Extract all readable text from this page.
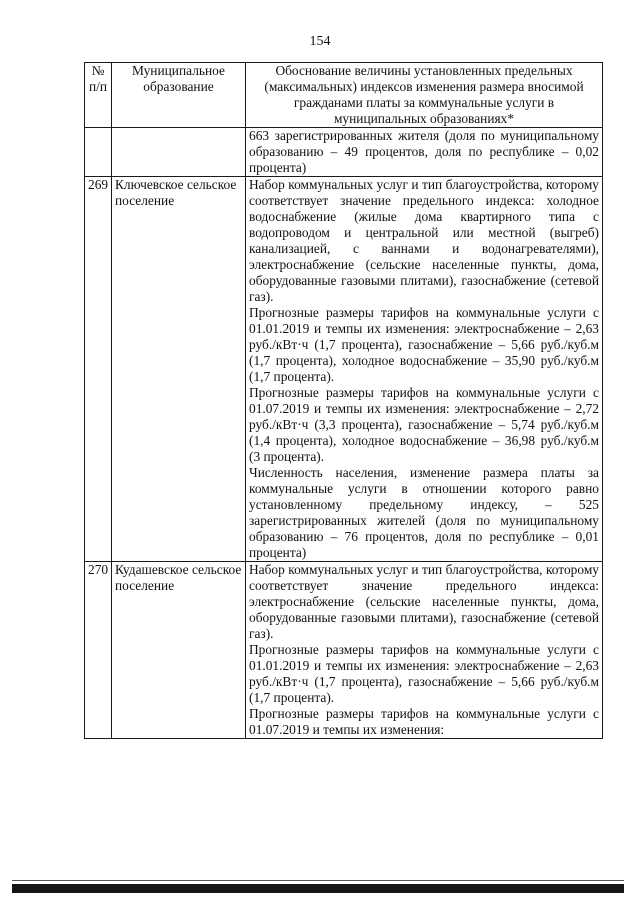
154
№ п/п	Муниципальное образование	Обоснование величины установленных предельных (максимальных) индексов изменения размера вносимой гражданами платы за коммунальные услуги в муниципальных образованиях*

		663 зарегистрированных жителя (доля по муниципальному образованию – 49 процентов, доля по республике – 0,02 процента)

269	Ключевское сельское поселение	Набор коммунальных услуг и тип благоустройства, которому соответствует значение предельного индекса: холодное водоснабжение (жилые дома квартирного типа с водопроводом и центральной или местной (выгреб) канализацией, с ваннами и водонагревателями), электроснабжение (сельские населенные пункты, дома, оборудованные газовыми плитами), газоснабжение (сетевой газ).

Прогнозные размеры тарифов на коммунальные услуги с 01.01.2019 и темпы их изменения: электроснабжение – 2,63 руб./кВт·ч (1,7 процента), газоснабжение – 5,66 руб./куб.м (1,7 процента), холодное водоснабжение – 35,90 руб./куб.м (1,7 процента).

Прогнозные размеры тарифов на коммунальные услуги с 01.07.2019 и темпы их изменения: электроснабжение – 2,72 руб./кВт·ч (3,3 процента), газоснабжение – 5,74 руб./куб.м (1,4 процента), холодное водоснабжение – 36,98 руб./куб.м (3 процента).

Численность населения, изменение размера платы за коммунальные услуги в отношении которого равно установленному предельному индексу, – 525 зарегистрированных жителей (доля по муниципальному образованию – 76 процентов, доля по республике – 0,01 процента)

270	Кудашевское сельское поселение	Набор коммунальных услуг и тип благоустройства, которому соответствует значение предельного индекса: электроснабжение (сельские населенные пункты, дома, оборудованные газовыми плитами), газоснабжение (сетевой газ).

Прогнозные размеры тарифов на коммунальные услуги с 01.01.2019 и темпы их изменения: электроснабжение – 2,63 руб./кВт·ч (1,7 процента), газоснабжение – 5,66 руб./куб.м (1,7 процента).

Прогнозные размеры тарифов на коммунальные услуги с 01.07.2019 и темпы их изменения:
